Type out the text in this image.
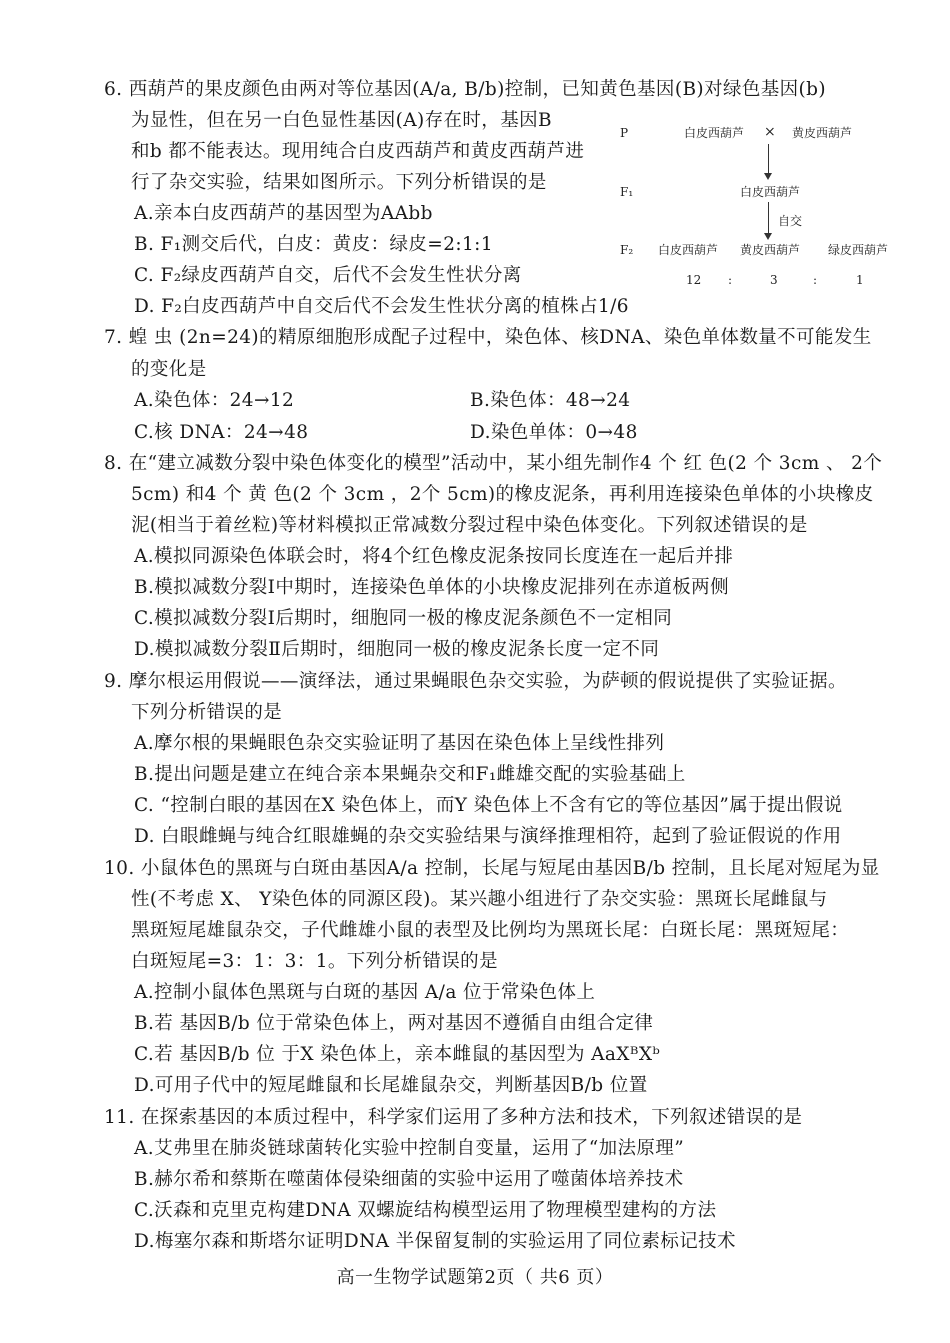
6. 西葫芦的果皮颜色由两对等位基因(A/a, B/b)控制，已知黄色基因(B)对绿色基因(b)
为显性，但在另一白色显性基因(A)存在时，基因B
和b 都不能表达。现用纯合白皮西葫芦和黄皮西葫芦进
行了杂交实验，结果如图所示。下列分析错误的是
A.亲本白皮西葫芦的基因型为AAbb
B. F₁测交后代，白皮：黄皮：绿皮=2:1:1
C. F₂绿皮西葫芦自交，后代不会发生性状分离
D. F₂白皮西葫芦中自交后代不会发生性状分离的植株占1/6
P	白皮西葫芦 × 黄皮西葫芦
F₁	白皮西葫芦
自交
F₂ 白皮西葫芦 黄皮西葫芦 绿皮西葫芦
12 :	3	:	1
7. 蝗 虫 (2n=24)的精原细胞形成配子过程中，染色体、核DNA、染色单体数量不可能发生
的变化是
A.染色体：24→12	B.染色体：48→24
C.核 DNA：24→48	D.染色单体：0→48
8. 在“建立减数分裂中染色体变化的模型”活动中，某小组先制作4 个 红 色(2 个 3cm 、 2个
5cm) 和4 个 黄 色(2 个 3cm ，2个 5cm)的橡皮泥条，再利用连接染色单体的小块橡皮
泥(相当于着丝粒)等材料模拟正常减数分裂过程中染色体变化。下列叙述错误的是
A.模拟同源染色体联会时，将4个红色橡皮泥条按同长度连在一起后并排
B.模拟减数分裂Ⅰ中期时，连接染色单体的小块橡皮泥排列在赤道板两侧
C.模拟减数分裂Ⅰ后期时，细胞同一极的橡皮泥条颜色不一定相同
D.模拟减数分裂Ⅱ后期时，细胞同一极的橡皮泥条长度一定不同
9. 摩尔根运用假说——演绎法，通过果蝇眼色杂交实验，为萨顿的假说提供了实验证据。
下列分析错误的是
A.摩尔根的果蝇眼色杂交实验证明了基因在染色体上呈线性排列
B.提出问题是建立在纯合亲本果蝇杂交和F₁雌雄交配的实验基础上
C. “控制白眼的基因在X 染色体上，而Y 染色体上不含有它的等位基因”属于提出假说
D. 白眼雌蝇与纯合红眼雄蝇的杂交实验结果与演绎推理相符，起到了验证假说的作用
10. 小鼠体色的黑斑与白斑由基因A/a 控制，长尾与短尾由基因B/b 控制，且长尾对短尾为显
性(不考虑 X、 Y染色体的同源区段)。某兴趣小组进行了杂交实验：黑斑长尾雌鼠与
黑斑短尾雄鼠杂交，子代雌雄小鼠的表型及比例均为黑斑长尾：白斑长尾：黑斑短尾：
白斑短尾=3：1：3：1。下列分析错误的是
A.控制小鼠体色黑斑与白斑的基因 A/a 位于常染色体上
B.若 基因B/b 位于常染色体上，两对基因不遵循自由组合定律
C.若 基因B/b 位 于X 染色体上，亲本雌鼠的基因型为 AaXᴮXᵇ
D.可用子代中的短尾雌鼠和长尾雄鼠杂交，判断基因B/b 位置
11. 在探索基因的本质过程中，科学家们运用了多种方法和技术，下列叙述错误的是
A.艾弗里在肺炎链球菌转化实验中控制自变量，运用了“加法原理”
B.赫尔希和蔡斯在噬菌体侵染细菌的实验中运用了噬菌体培养技术
C.沃森和克里克构建DNA 双螺旋结构模型运用了物理模型建构的方法
D.梅塞尔森和斯塔尔证明DNA 半保留复制的实验运用了同位素标记技术
高一生物学试题第2页（ 共6 页）
